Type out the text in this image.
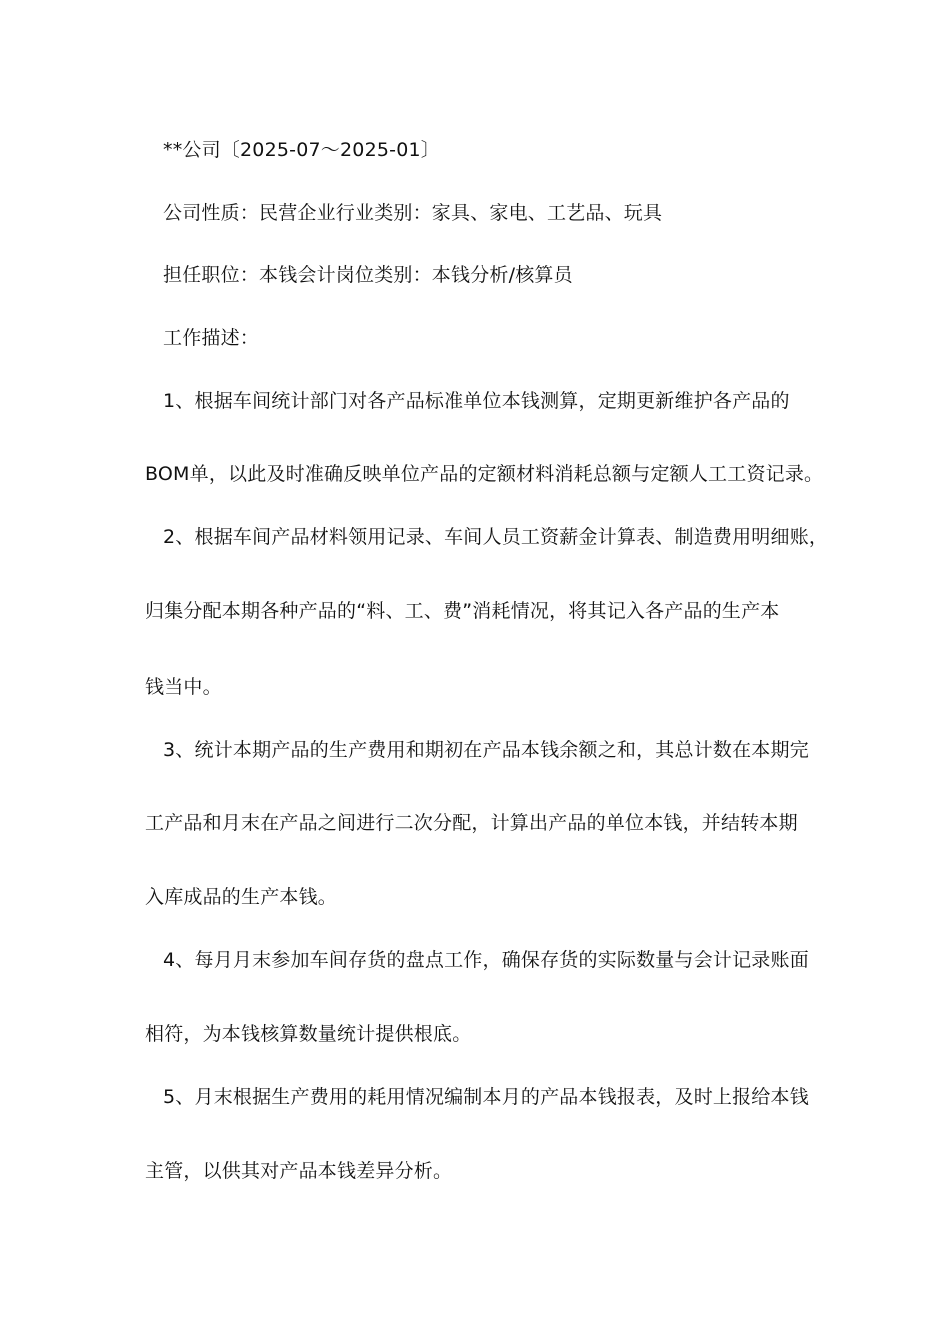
**公司〔2025-07～2025-01〕
公司性质：民营企业行业类别：家具、家电、工艺品、玩具
担任职位：本钱会计岗位类别：本钱分析/核算员
工作描述：
1、根据车间统计部门对各产品标准单位本钱测算，定期更新维护各产品的
BOM单，以此及时准确反映单位产品的定额材料消耗总额与定额人工工资记录。
2、根据车间产品材料领用记录、车间人员工资薪金计算表、制造费用明细账，
归集分配本期各种产品的“料、工、费”消耗情况，将其记入各产品的生产本
钱当中。
3、统计本期产品的生产费用和期初在产品本钱余额之和，其总计数在本期完
工产品和月末在产品之间进行二次分配，计算出产品的单位本钱，并结转本期
入库成品的生产本钱。
4、每月月末参加车间存货的盘点工作，确保存货的实际数量与会计记录账面
相符，为本钱核算数量统计提供根底。
5、月末根据生产费用的耗用情况编制本月的产品本钱报表，及时上报给本钱
主管，以供其对产品本钱差异分析。
